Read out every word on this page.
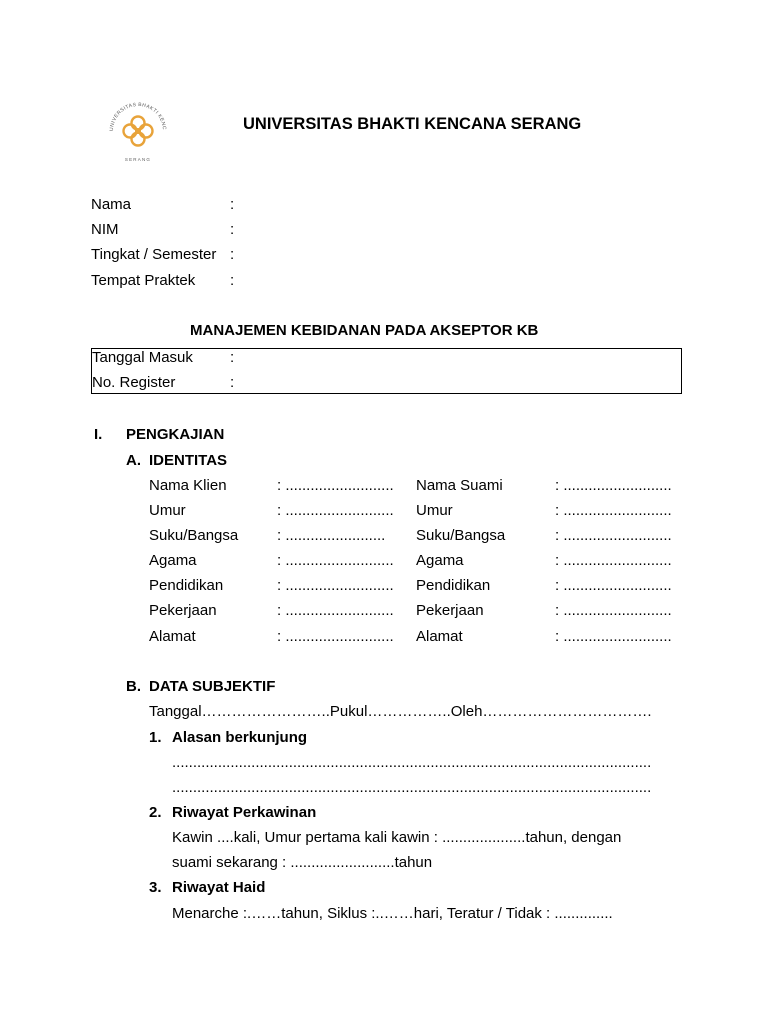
UNIVERSITAS BHAKTI KENC
SERANG
UNIVERSITAS BHAKTI KENCANA SERANG
Nama	:
NIM	:
Tingkat / Semester :
Tempat Praktek :
MANAJEMEN KEBIDANAN PADA AKSEPTOR KB
Tanggal Masuk :
No. Register	:
I. PENGKAJIAN
A. IDENTITAS
Nama Klien	: .......................... Nama Suami	: ..........................
Umur	: .......................... Umur	: ..........................
Suku/Bangsa	: ........................ Suku/Bangsa	: ..........................
Agama	: .......................... Agama	: ..........................
Pendidikan	: .......................... Pendidikan	: ..........................
Pekerjaan	: .......................... Pekerjaan	: ..........................
Alamat	: .......................... Alamat	: ..........................
B. DATA SUBJEKTIF
Tanggal……………………..Pukul……………..Oleh…………………………….
1. Alasan berkunjung
...................................................................................................................
...................................................................................................................
2. Riwayat Perkawinan
Kawin ....kali, Umur pertama kali kawin : ....................tahun, dengan
suami sekarang : .........................tahun
3. Riwayat Haid
Menarche :.……tahun, Siklus :..……hari, Teratur / Tidak : ..............
